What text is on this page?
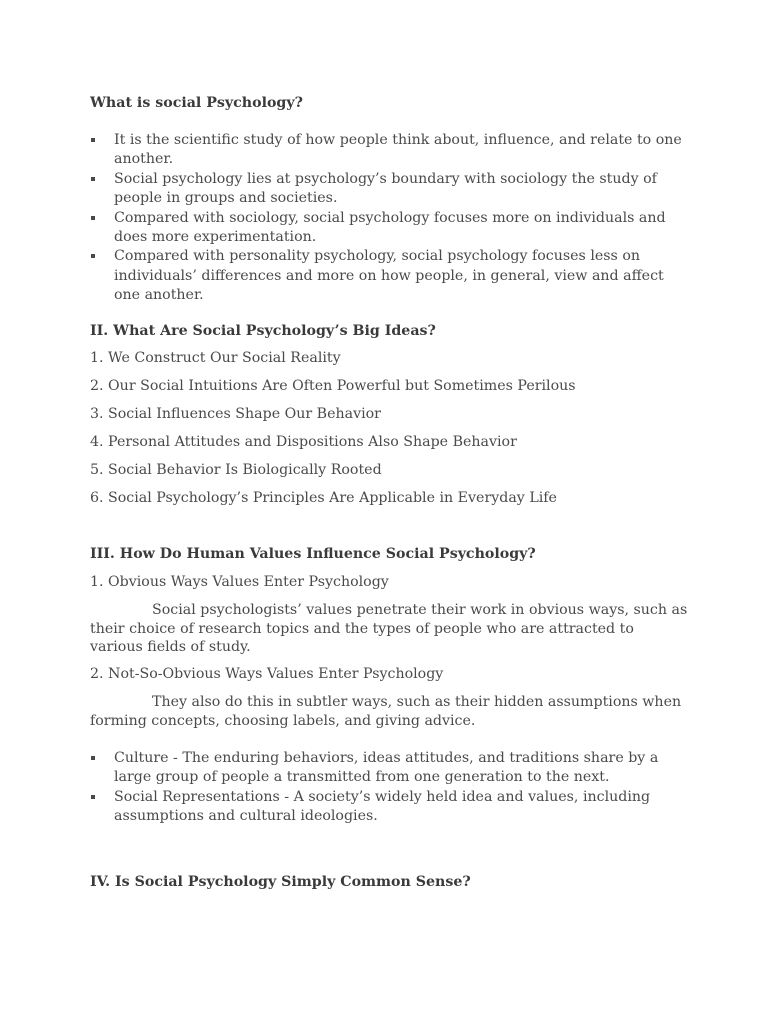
What is social Psychology?
It is the scientific study of how people think about, influence, and relate to one another.
Social psychology lies at psychology’s boundary with sociology the study of people in groups and societies.
Compared with sociology, social psychology focuses more on individuals and does more experimentation.
Compared with personality psychology, social psychology focuses less on individuals’ differences and more on how people, in general, view and affect one another.
II. What Are Social Psychology’s Big Ideas?
1. We Construct Our Social Reality
2. Our Social Intuitions Are Often Powerful but Sometimes Perilous
3. Social Influences Shape Our Behavior
4. Personal Attitudes and Dispositions Also Shape Behavior
5. Social Behavior Is Biologically Rooted
6. Social Psychology’s Principles Are Applicable in Everyday Life
III. How Do Human Values Influence Social Psychology?
1. Obvious Ways Values Enter Psychology
Social psychologists’ values penetrate their work in obvious ways, such as their choice of research topics and the types of people who are attracted to various fields of study.
2. Not-So-Obvious Ways Values Enter Psychology
They also do this in subtler ways, such as their hidden assumptions when forming concepts, choosing labels, and giving advice.
Culture - The enduring behaviors, ideas attitudes, and traditions share by a large group of people a transmitted from one generation to the next.
Social Representations - A society’s widely held idea and values, including assumptions and cultural ideologies.
IV. Is Social Psychology Simply Common Sense?
